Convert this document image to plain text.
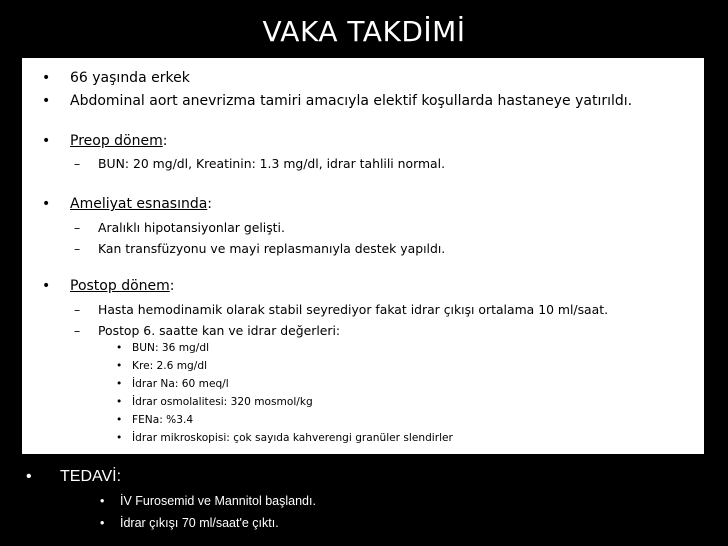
VAKA TAKDİMİ
• 66 yaşında erkek
• Abdominal aort anevrizma tamiri amacıyla elektif koşullarda hastaneye yatırıldı.
• Preop dönem:
– BUN: 20 mg/dl, Kreatinin: 1.3 mg/dl, idrar tahlili normal.
• Ameliyat esnasında:
– Aralıklı hipotansiyonlar gelişti.
– Kan transfüzyonu ve mayi replasmanıyla destek yapıldı.
• Postop dönem:
– Hasta hemodinamik olarak stabil seyrediyor fakat idrar çıkışı ortalama 10 ml/saat.
– Postop 6. saatte kan ve idrar değerleri:
• BUN: 36 mg/dl
• Kre: 2.6 mg/dl
• İdrar Na: 60 meq/l
• İdrar osmolalitesi: 320 mosmol/kg
• FENa: %3.4
• İdrar mikroskopisi: çok sayıda kahverengi granüler slendirler
• TEDAVİ:
• İV Furosemid ve Mannitol başlandı.
• İdrar çıkışı 70 ml/saat'e çıktı.
